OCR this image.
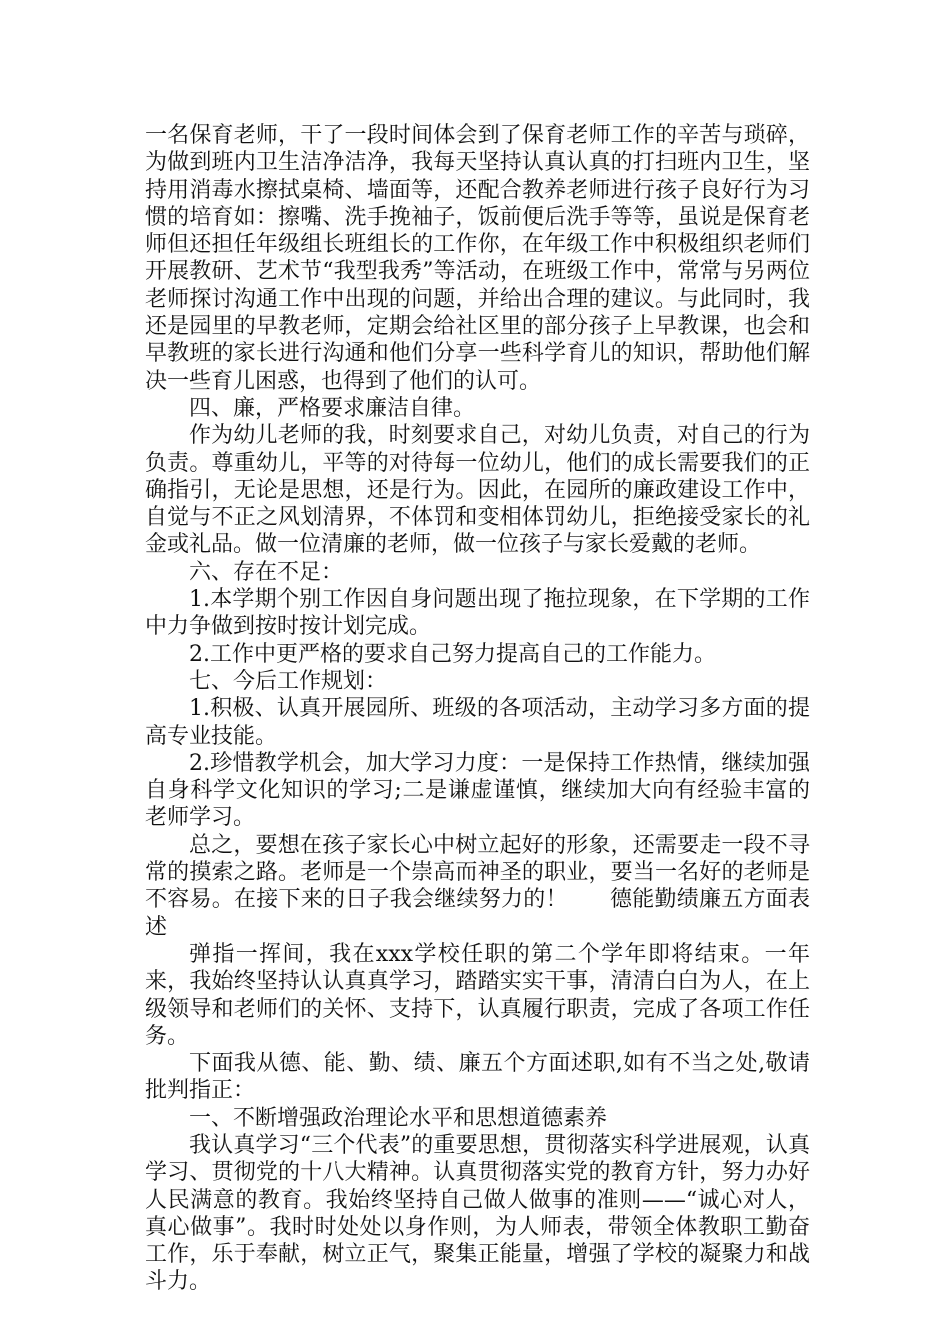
一名保育老师，干了一段时间体会到了保育老师工作的辛苦与琐碎，为做到班内卫生洁净洁净，我每天坚持认真认真的打扫班内卫生，坚持用消毒水擦拭桌椅、墙面等，还配合教养老师进行孩子良好行为习惯的培育如：擦嘴、洗手挽袖子，饭前便后洗手等等，虽说是保育老师但还担任年级组长班组长的工作你，在年级工作中积极组织老师们开展教研、艺术节“我型我秀”等活动，在班级工作中，常常与另两位老师探讨沟通工作中出现的问题，并给出合理的建议。与此同时，我还是园里的早教老师，定期会给社区里的部分孩子上早教课，也会和早教班的家长进行沟通和他们分享一些科学育儿的知识，帮助他们解决一些育儿困惑，也得到了他们的认可。

四、廉，严格要求廉洁自律。

作为幼儿老师的我，时刻要求自己，对幼儿负责，对自己的行为负责。尊重幼儿，平等的对待每一位幼儿，他们的成长需要我们的正确指引，无论是思想，还是行为。因此，在园所的廉政建设工作中，自觉与不正之风划清界，不体罚和变相体罚幼儿，拒绝接受家长的礼金或礼品。做一位清廉的老师，做一位孩子与家长爱戴的老师。

六、存在不足：

1.本学期个别工作因自身问题出现了拖拉现象，在下学期的工作中力争做到按时按计划完成。

2.工作中更严格的要求自己努力提高自己的工作能力。

七、今后工作规划：

1.积极、认真开展园所、班级的各项活动，主动学习多方面的提高专业技能。

2.珍惜教学机会，加大学习力度：一是保持工作热情，继续加强自身科学文化知识的学习;二是谦虚谨慎，继续加大向有经验丰富的老师学习。

总之，要想在孩子家长心中树立起好的形象，还需要走一段不寻常的摸索之路。老师是一个崇高而神圣的职业，要当一名好的老师是不容易。在接下来的日子我会继续努力的！ 德能勤绩廉五方面表述

弹指一挥间，我在xxx学校任职的第二个学年即将结束。一年来，我始终坚持认认真真学习，踏踏实实干事，清清白白为人，在上级领导和老师们的关怀、支持下，认真履行职责，完成了各项工作任务。

下面我从德、能、勤、绩、廉五个方面述职,如有不当之处,敬请批判指正：

一、不断增强政治理论水平和思想道德素养

我认真学习“三个代表”的重要思想，贯彻落实科学进展观，认真学习、贯彻党的十八大精神。认真贯彻落实党的教育方针，努力办好人民满意的教育。我始终坚持自己做人做事的准则——“诚心对人，真心做事”。我时时处处以身作则，为人师表，带领全体教职工勤奋工作，乐于奉献，树立正气，聚集正能量，增强了学校的凝聚力和战斗力。
